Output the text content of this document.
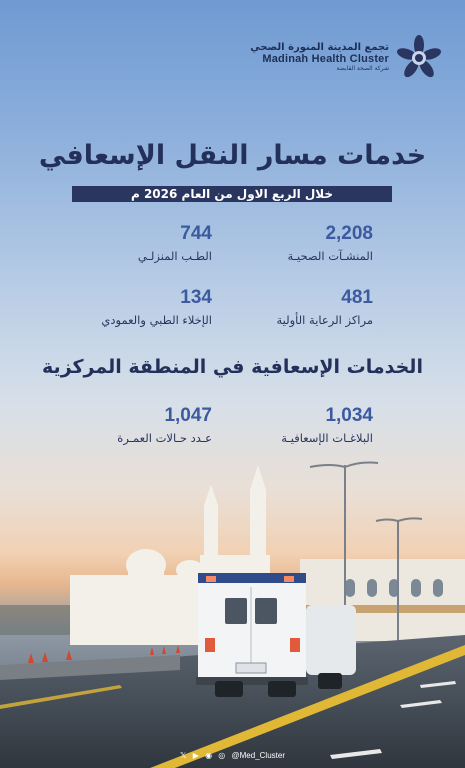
تجمع المدينة المنورة الصحي
Madinah Health Cluster
شركة الصحة القابضة
خدمات مسار النقل الإسعافي
خلال الربع الاول من العام 2026 م
2,208
المنشـآت الصحيـة
744
الطـب المنزلـي
481
مراكز الرعاية الأولية
134
الإخلاء الطبي والعمودي
الخدمات الإسعافية في المنطقة المركزية
1,034
البلاغـات الإسعافيـة
1,047
عـدد حـالات العمـرة
𝕏 ▶ ◉ ◎ @Med_Cluster
